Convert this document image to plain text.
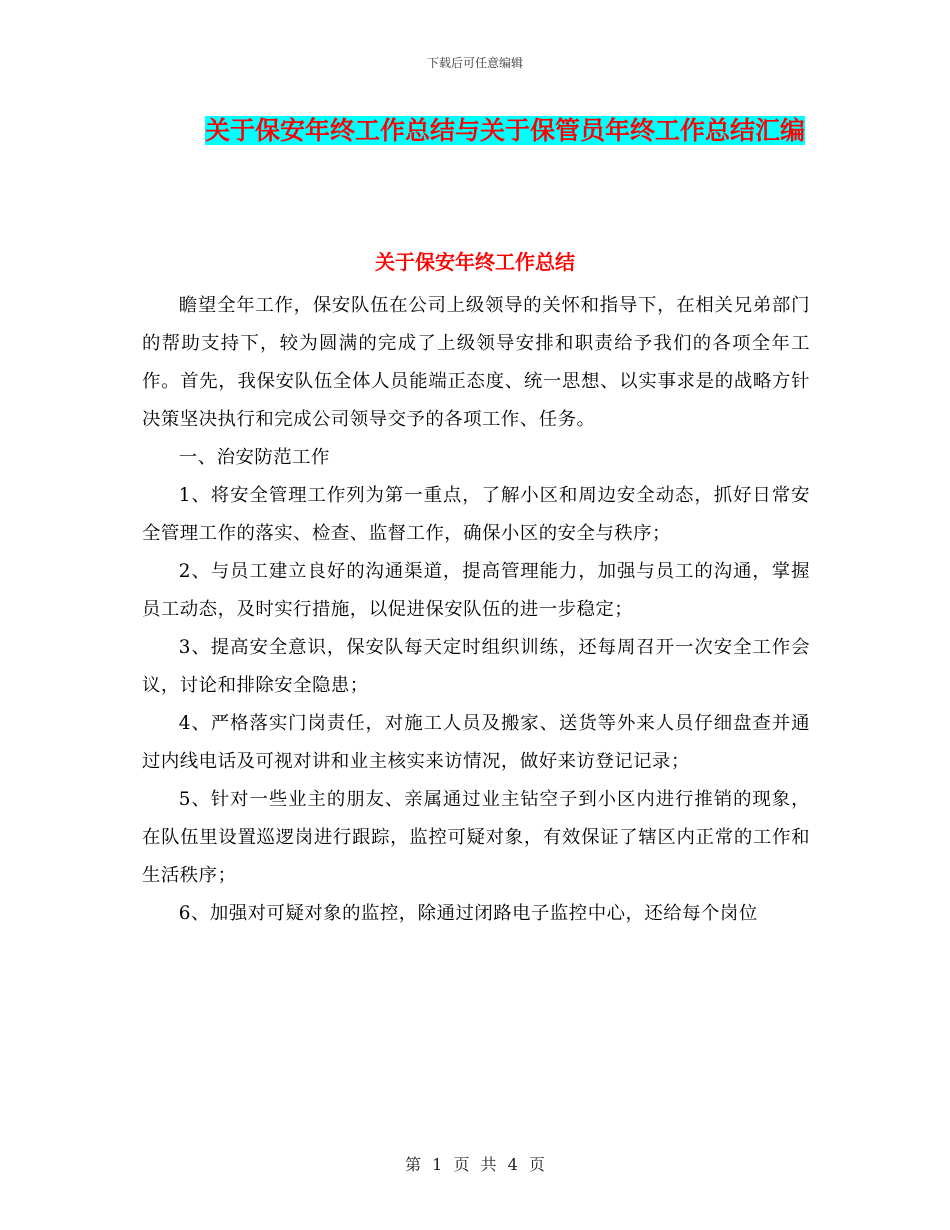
下载后可任意编辑
关于保安年终工作总结与关于保管员年终工作总结汇编
关于保安年终工作总结

瞻望全年工作，保安队伍在公司上级领导的关怀和指导下，在相关兄弟部门的帮助支持下，较为圆满的完成了上级领导安排和职责给予我们的各项全年工作。首先，我保安队伍全体人员能端正态度、统一思想、以实事求是的战略方针决策坚决执行和完成公司领导交予的各项工作、任务。

一、治安防范工作

1、将安全管理工作列为第一重点，了解小区和周边安全动态，抓好日常安全管理工作的落实、检查、监督工作，确保小区的安全与秩序；

2、与员工建立良好的沟通渠道，提高管理能力，加强与员工的沟通，掌握员工动态，及时实行措施，以促进保安队伍的进一步稳定；

3、提高安全意识，保安队每天定时组织训练，还每周召开一次安全工作会议，讨论和排除安全隐患；

4、严格落实门岗责任，对施工人员及搬家、送货等外来人员仔细盘查并通过内线电话及可视对讲和业主核实来访情况，做好来访登记记录；

5、针对一些业主的朋友、亲属通过业主钻空子到小区内进行推销的现象，在队伍里设置巡逻岗进行跟踪，监控可疑对象，有效保证了辖区内正常的工作和生活秩序；

6、加强对可疑对象的监控，除通过闭路电子监控中心，还给每个岗位

第 1 页 共 4 页
